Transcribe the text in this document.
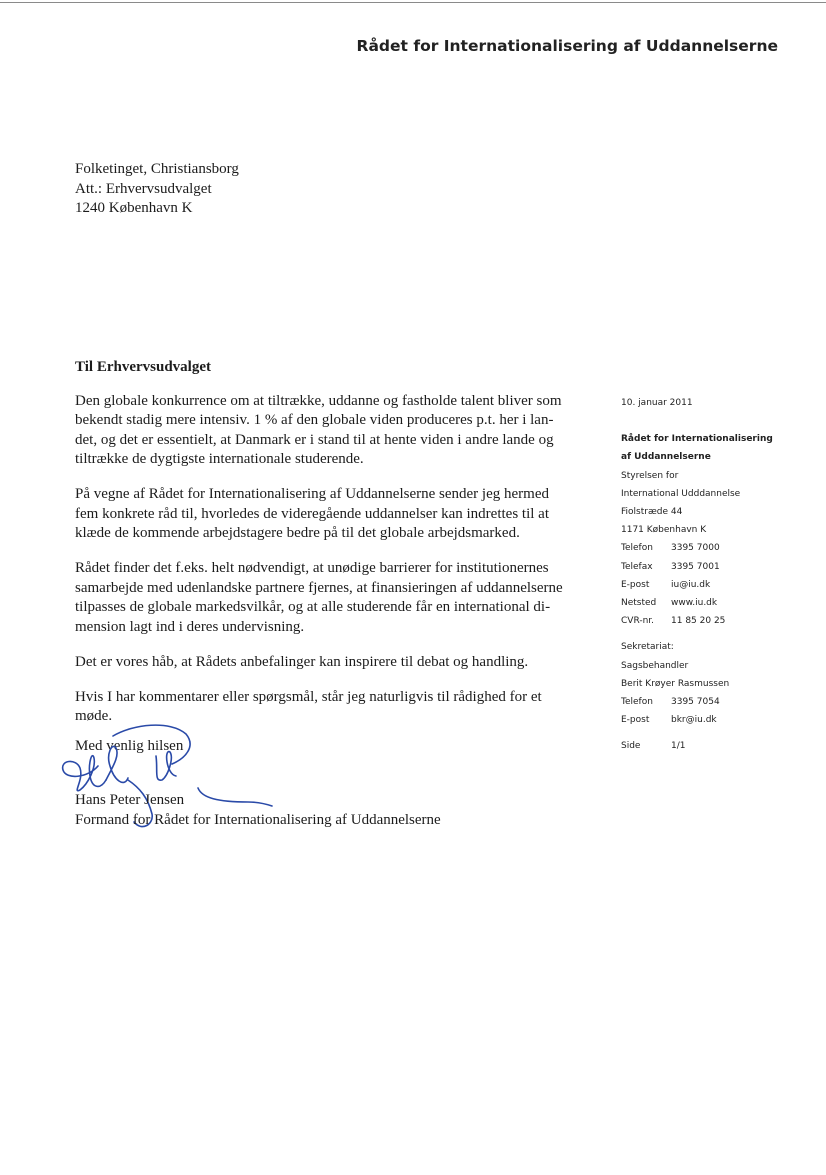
Rådet for Internationalisering af Uddannelserne
Folketinget, Christiansborg
Att.: Erhvervsudvalget
1240 København K
Til Erhvervsudvalget
Den globale konkurrence om at tiltrække, uddanne og fastholde talent bliver som
bekendt stadig mere intensiv. 1 % af den globale viden produceres p.t. her i lan-
det, og det er essentielt, at Danmark er i stand til at hente viden i andre lande og
tiltrække de dygtigste internationale studerende.
På vegne af Rådet for Internationalisering af Uddannelserne sender jeg hermed
fem konkrete råd til, hvorledes de videregående uddannelser kan indrettes til at
klæde de kommende arbejdstagere bedre på til det globale arbejdsmarked.
Rådet finder det f.eks. helt nødvendigt, at unødige barrierer for institutionernes
samarbejde med udenlandske partnere fjernes, at finansieringen af uddannelserne
tilpasses de globale markedsvilkår, og at alle studerende får en international di-
mension lagt ind i deres undervisning.
Det er vores håb, at Rådets anbefalinger kan inspirere til debat og handling.
Hvis I har kommentarer eller spørgsmål, står jeg naturligvis til rådighed for et
møde.
Med venlig hilsen
Hans Peter Jensen
Formand for Rådet for Internationalisering af Uddannelserne
10. januar 2011
Rådet for Internationalisering
af Uddannelserne
Styrelsen for
International Udddannelse
Fiolstræde 44
1171 København K
Telefon	3395 7000
Telefax	3395 7001
E-post	iu@iu.dk
Netsted	www.iu.dk
CVR-nr.	11 85 20 25
Sekretariat:
Sagsbehandler
Berit Krøyer Rasmussen
Telefon	3395 7054
E-post	bkr@iu.dk
Side	1/1
